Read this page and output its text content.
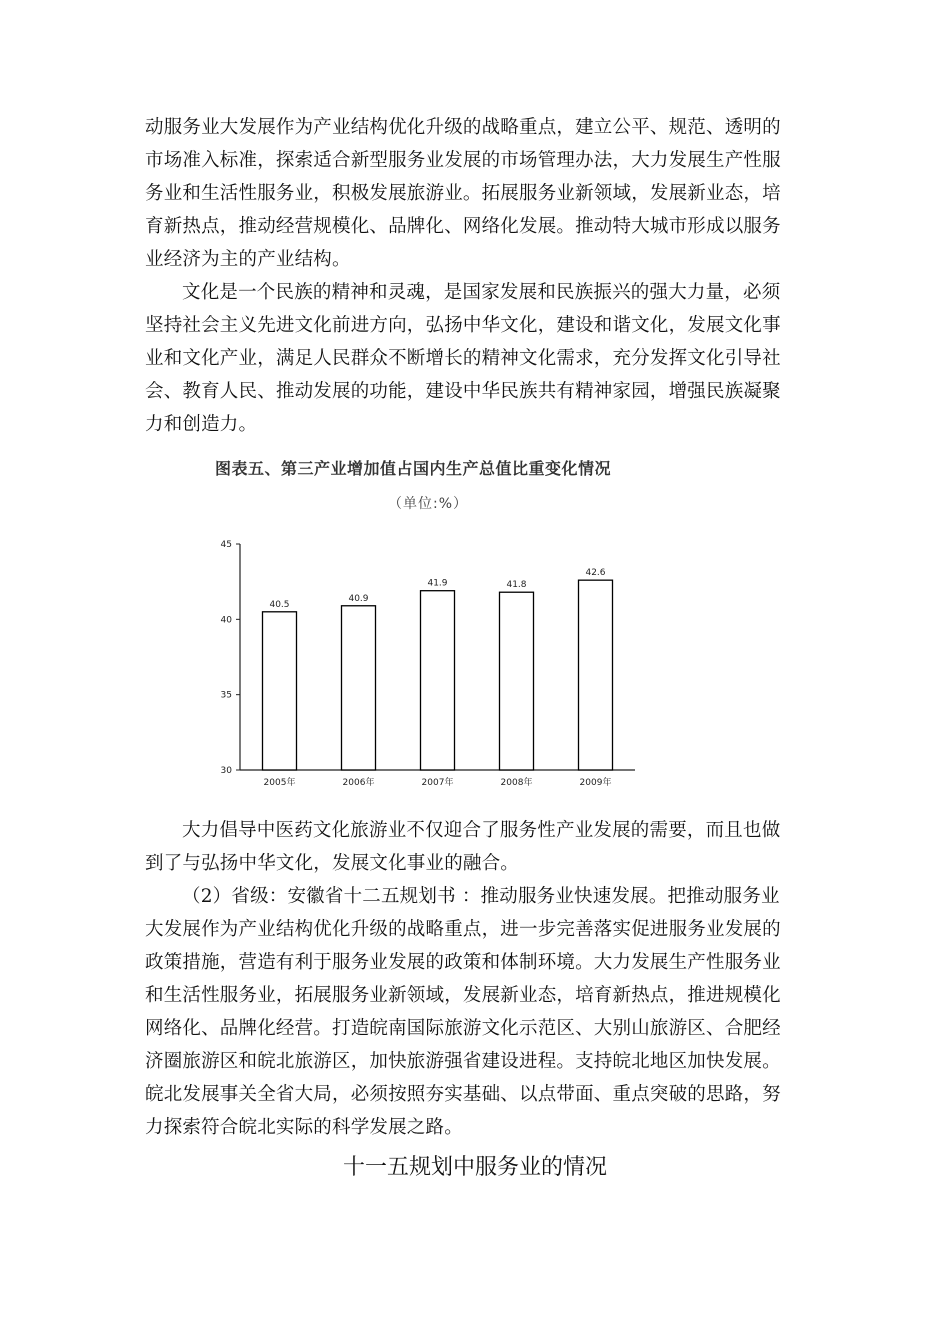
动服务业大发展作为产业结构优化升级的战略重点，建立公平、规范、透明的
市场准入标准，探索适合新型服务业发展的市场管理办法，大力发展生产性服
务业和生活性服务业，积极发展旅游业。拓展服务业新领域，发展新业态，培
育新热点，推动经营规模化、品牌化、网络化发展。推动特大城市形成以服务
业经济为主的产业结构。
文化是一个民族的精神和灵魂，是国家发展和民族振兴的强大力量，必须
坚持社会主义先进文化前进方向，弘扬中华文化，建设和谐文化，发展文化事
业和文化产业，满足人民群众不断增长的精神文化需求，充分发挥文化引导社
会、教育人民、推动发展的功能，建设中华民族共有精神家园，增强民族凝聚
力和创造力。
图表五、第三产业增加值占国内生产总值比重变化情况
（单位:%）
30
35
40
45
40.5
2005年
40.9
2006年
41.9
2007年
41.8
2008年
42.6
2009年
大力倡导中医药文化旅游业不仅迎合了服务性产业发展的需要，而且也做
到了与弘扬中华文化，发展文化事业的融合。
（2）省级：安徽省十二五规划书 ：推动服务业快速发展。把推动服务业
大发展作为产业结构优化升级的战略重点，进一步完善落实促进服务业发展的
政策措施，营造有利于服务业发展的政策和体制环境。大力发展生产性服务业
和生活性服务业，拓展服务业新领域，发展新业态，培育新热点，推进规模化
网络化、品牌化经营。打造皖南国际旅游文化示范区、大别山旅游区、合肥经
济圈旅游区和皖北旅游区，加快旅游强省建设进程。支持皖北地区加快发展。
皖北发展事关全省大局，必须按照夯实基础、以点带面、重点突破的思路，努
力探索符合皖北实际的科学发展之路。
十一五规划中服务业的情况
